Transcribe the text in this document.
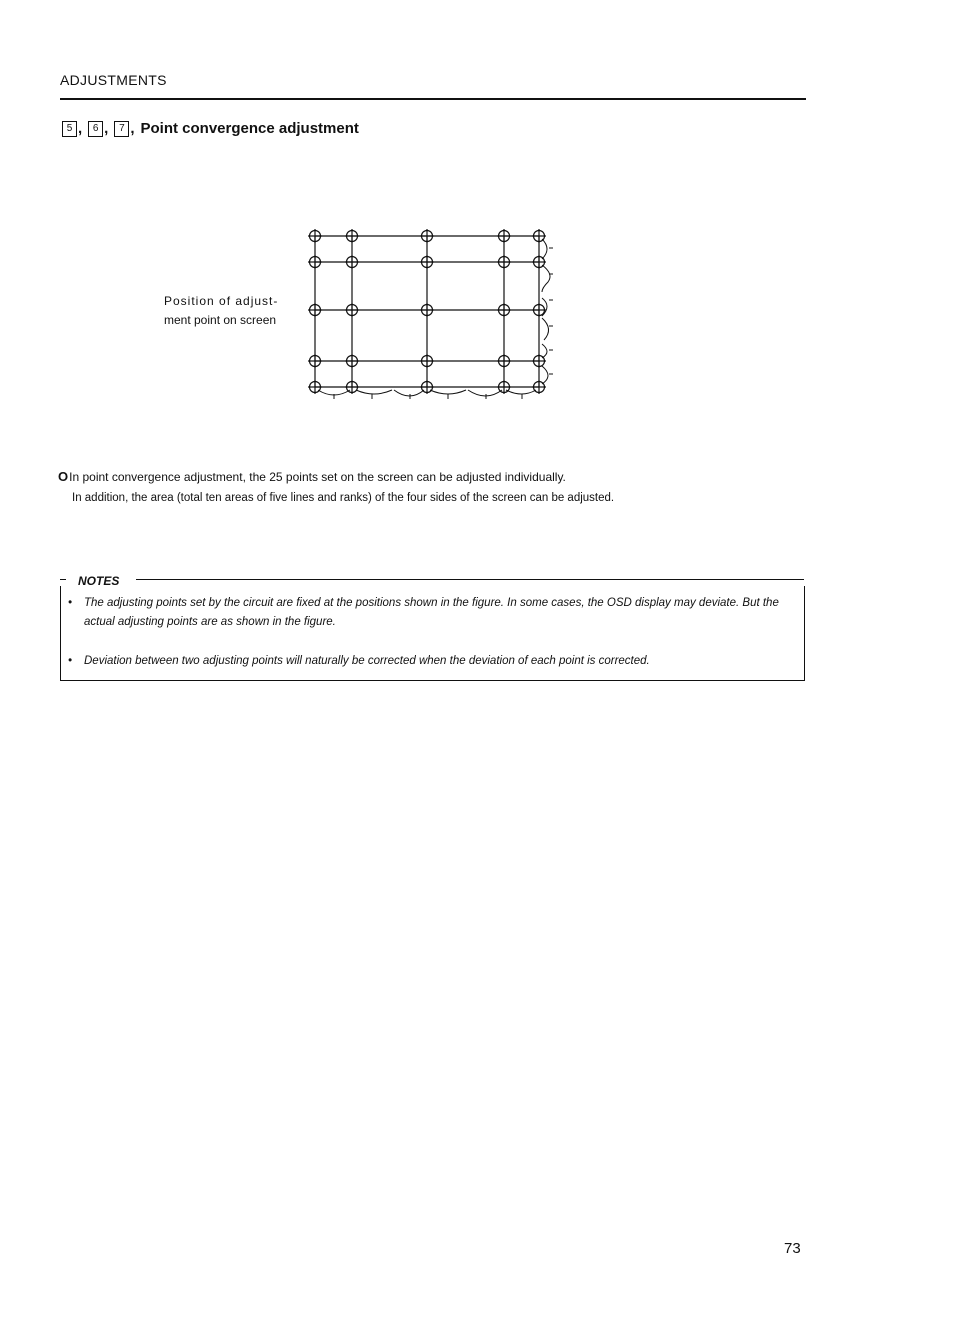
ADJUSTMENTS
5 ,	6 ,	7 , Point convergence adjustment
Position of adjust-
ment point on screen
OIn point convergence adjustment, the 25 points set on the screen can be adjusted individually.
In addition, the area (total ten areas of five lines and ranks) of the four sides of the screen can be adjusted.
NOTES
•	The adjusting points set by the circuit are fixed at the positions shown in the figure. In some cases, the OSD display may deviate. But the actual adjusting points are as shown in the figure.
•	Deviation between two adjusting points will naturally be corrected when the deviation of each point is corrected.
73
